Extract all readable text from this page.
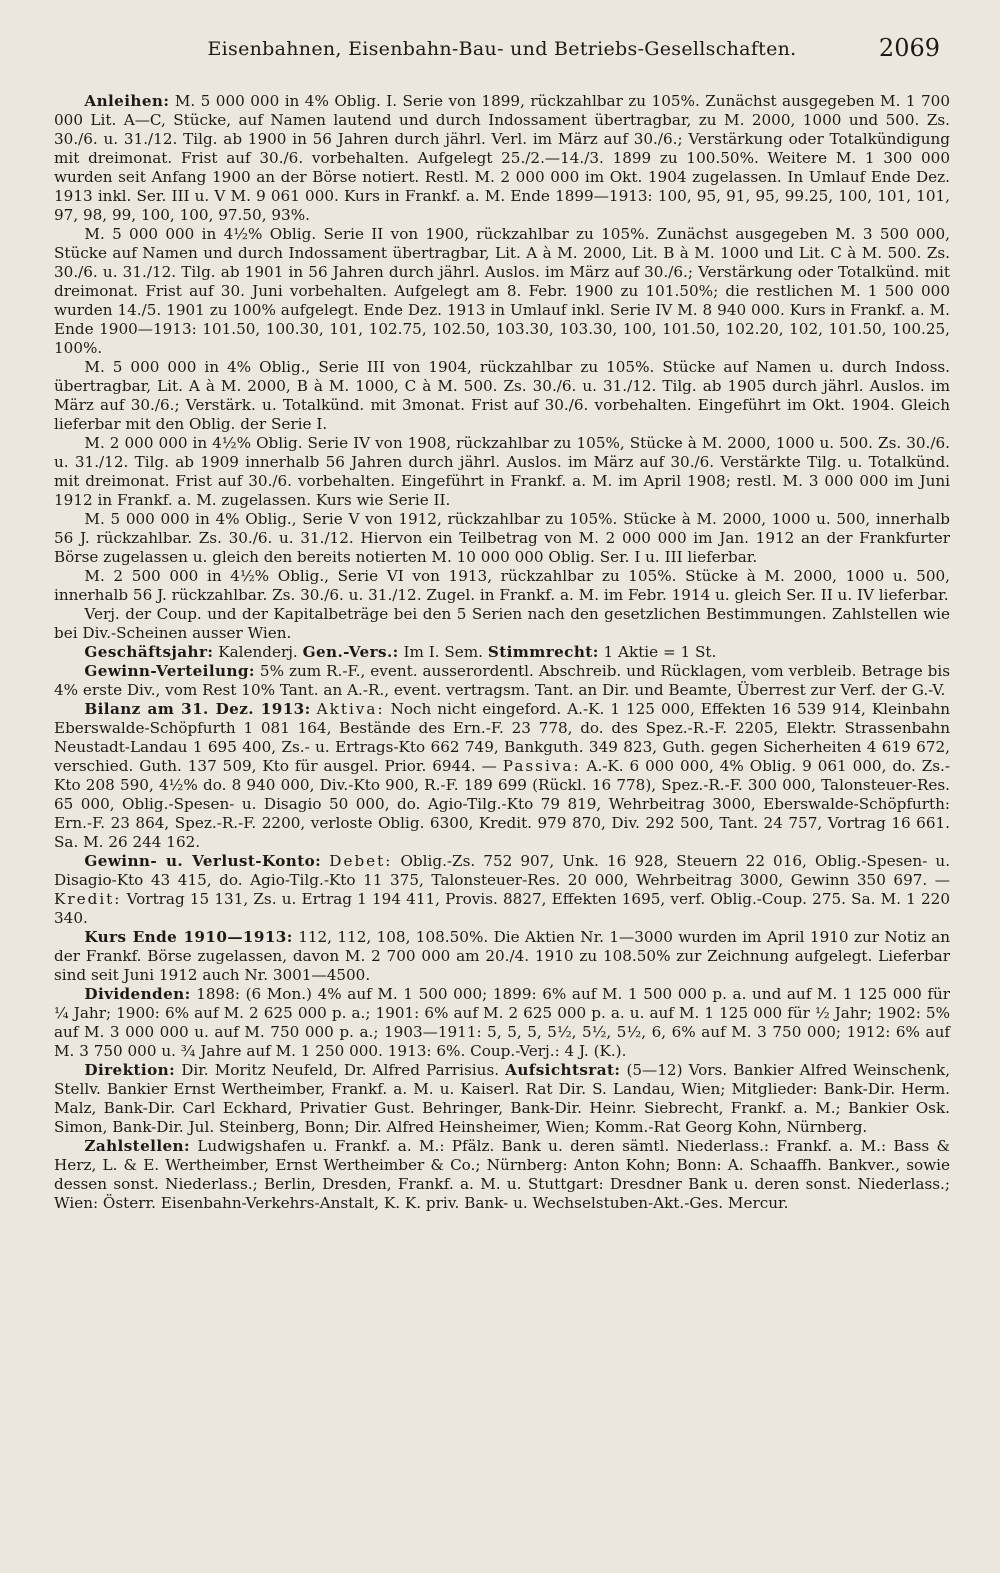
Eisenbahnen, Eisenbahn-Bau- und Betriebs-Gesellschaften.	2069

Anleihen: M. 5 000 000 in 4% Oblig. I. Serie von 1899, rückzahlbar zu 105%. Zunächst ausgegeben M. 1 700 000 Lit. A—C, Stücke, auf Namen lautend und durch Indossament übertragbar, zu M. 2000, 1000 und 500. Zs. 30./6. u. 31./12. Tilg. ab 1900 in 56 Jahren durch jährl. Verl. im März auf 30./6.; Verstärkung oder Totalkündigung mit dreimonat. Frist auf 30./6. vorbehalten. Aufgelegt 25./2.—14./3. 1899 zu 100.50%. Weitere M. 1 300 000 wurden seit Anfang 1900 an der Börse notiert. Restl. M. 2 000 000 im Okt. 1904 zugelassen. In Umlauf Ende Dez. 1913 inkl. Ser. III u. V M. 9 061 000. Kurs in Frankf. a. M. Ende 1899—1913: 100, 95, 91, 95, 99.25, 100, 101, 101, 97, 98, 99, 100, 100, 97.50, 93%.

M. 5 000 000 in 4½% Oblig. Serie II von 1900, rückzahlbar zu 105%. Zunächst ausgegeben M. 3 500 000, Stücke auf Namen und durch Indossament übertragbar, Lit. A à M. 2000, Lit. B à M. 1000 und Lit. C à M. 500. Zs. 30./6. u. 31./12. Tilg. ab 1901 in 56 Jahren durch jährl. Auslos. im März auf 30./6.; Verstärkung oder Totalkünd. mit dreimonat. Frist auf 30. Juni vorbehalten. Aufgelegt am 8. Febr. 1900 zu 101.50%; die restlichen M. 1 500 000 wurden 14./5. 1901 zu 100% aufgelegt. Ende Dez. 1913 in Umlauf inkl. Serie IV M. 8 940 000. Kurs in Frankf. a. M. Ende 1900—1913: 101.50, 100.30, 101, 102.75, 102.50, 103.30, 103.30, 100, 101.50, 102.20, 102, 101.50, 100.25, 100%.

M. 5 000 000 in 4% Oblig., Serie III von 1904, rückzahlbar zu 105%. Stücke auf Namen u. durch Indoss. übertragbar, Lit. A à M. 2000, B à M. 1000, C à M. 500. Zs. 30./6. u. 31./12. Tilg. ab 1905 durch jährl. Auslos. im März auf 30./6.; Verstärk. u. Totalkünd. mit 3monat. Frist auf 30./6. vorbehalten. Eingeführt im Okt. 1904. Gleich lieferbar mit den Oblig. der Serie I.

M. 2 000 000 in 4½% Oblig. Serie IV von 1908, rückzahlbar zu 105%, Stücke à M. 2000, 1000 u. 500. Zs. 30./6. u. 31./12. Tilg. ab 1909 innerhalb 56 Jahren durch jährl. Auslos. im März auf 30./6. Verstärkte Tilg. u. Totalkünd. mit dreimonat. Frist auf 30./6. vorbehalten. Eingeführt in Frankf. a. M. im April 1908; restl. M. 3 000 000 im Juni 1912 in Frankf. a. M. zugelassen. Kurs wie Serie II.

M. 5 000 000 in 4% Oblig., Serie V von 1912, rückzahlbar zu 105%. Stücke à M. 2000, 1000 u. 500, innerhalb 56 J. rückzahlbar. Zs. 30./6. u. 31./12. Hiervon ein Teilbetrag von M. 2 000 000 im Jan. 1912 an der Frankfurter Börse zugelassen u. gleich den bereits notierten M. 10 000 000 Oblig. Ser. I u. III lieferbar.

M. 2 500 000 in 4½% Oblig., Serie VI von 1913, rückzahlbar zu 105%. Stücke à M. 2000, 1000 u. 500, innerhalb 56 J. rückzahlbar. Zs. 30./6. u. 31./12. Zugel. in Frankf. a. M. im Febr. 1914 u. gleich Ser. II u. IV lieferbar.

Verj. der Coup. und der Kapitalbeträge bei den 5 Serien nach den gesetzlichen Bestimmungen. Zahlstellen wie bei Div.-Scheinen ausser Wien.

Geschäftsjahr: Kalenderj. Gen.-Vers.: Im I. Sem. Stimmrecht: 1 Aktie = 1 St.

Gewinn-Verteilung: 5% zum R.-F., event. ausserordentl. Abschreib. und Rücklagen, vom verbleib. Betrage bis 4% erste Div., vom Rest 10% Tant. an A.-R., event. vertragsm. Tant. an Dir. und Beamte, Überrest zur Verf. der G.-V.

Bilanz am 31. Dez. 1913: Aktiva: Noch nicht eingeford. A.-K. 1 125 000, Effekten 16 539 914, Kleinbahn Eberswalde-Schöpfurth 1 081 164, Bestände des Ern.-F. 23 778, do. des Spez.-R.-F. 2205, Elektr. Strassenbahn Neustadt-Landau 1 695 400, Zs.- u. Ertrags-Kto 662 749, Bankguth. 349 823, Guth. gegen Sicherheiten 4 619 672, verschied. Guth. 137 509, Kto für ausgel. Prior. 6944. — Passiva: A.-K. 6 000 000, 4% Oblig. 9 061 000, do. Zs.-Kto 208 590, 4½% do. 8 940 000, Div.-Kto 900, R.-F. 189 699 (Rückl. 16 778), Spez.-R.-F. 300 000, Talonsteuer-Res. 65 000, Oblig.-Spesen- u. Disagio 50 000, do. Agio-Tilg.-Kto 79 819, Wehrbeitrag 3000, Eberswalde-Schöpfurth: Ern.-F. 23 864, Spez.-R.-F. 2200, verloste Oblig. 6300, Kredit. 979 870, Div. 292 500, Tant. 24 757, Vortrag 16 661. Sa. M. 26 244 162.

Gewinn- u. Verlust-Konto: Debet: Oblig.-Zs. 752 907, Unk. 16 928, Steuern 22 016, Oblig.-Spesen- u. Disagio-Kto 43 415, do. Agio-Tilg.-Kto 11 375, Talonsteuer-Res. 20 000, Wehrbeitrag 3000, Gewinn 350 697. — Kredit: Vortrag 15 131, Zs. u. Ertrag 1 194 411, Provis. 8827, Effekten 1695, verf. Oblig.-Coup. 275. Sa. M. 1 220 340.

Kurs Ende 1910—1913: 112, 112, 108, 108.50%. Die Aktien Nr. 1—3000 wurden im April 1910 zur Notiz an der Frankf. Börse zugelassen, davon M. 2 700 000 am 20./4. 1910 zu 108.50% zur Zeichnung aufgelegt. Lieferbar sind seit Juni 1912 auch Nr. 3001—4500.

Dividenden: 1898: (6 Mon.) 4% auf M. 1 500 000; 1899: 6% auf M. 1 500 000 p. a. und auf M. 1 125 000 für ¼ Jahr; 1900: 6% auf M. 2 625 000 p. a.; 1901: 6% auf M. 2 625 000 p. a. u. auf M. 1 125 000 für ½ Jahr; 1902: 5% auf M. 3 000 000 u. auf M. 750 000 p. a.; 1903—1911: 5, 5, 5, 5½, 5½, 5½, 6, 6% auf M. 3 750 000; 1912: 6% auf M. 3 750 000 u. ¾ Jahre auf M. 1 250 000. 1913: 6%. Coup.-Verj.: 4 J. (K.).

Direktion: Dir. Moritz Neufeld, Dr. Alfred Parrisius. Aufsichtsrat: (5—12) Vors. Bankier Alfred Weinschenk, Stellv. Bankier Ernst Wertheimber, Frankf. a. M. u. Kaiserl. Rat Dir. S. Landau, Wien; Mitglieder: Bank-Dir. Herm. Malz, Bank-Dir. Carl Eckhard, Privatier Gust. Behringer, Bank-Dir. Heinr. Siebrecht, Frankf. a. M.; Bankier Osk. Simon, Bank-Dir. Jul. Steinberg, Bonn; Dir. Alfred Heinsheimer, Wien; Komm.-Rat Georg Kohn, Nürnberg.

Zahlstellen: Ludwigshafen u. Frankf. a. M.: Pfälz. Bank u. deren sämtl. Niederlass.: Frankf. a. M.: Bass & Herz, L. & E. Wertheimber, Ernst Wertheimber & Co.; Nürnberg: Anton Kohn; Bonn: A. Schaaffh. Bankver., sowie dessen sonst. Niederlass.; Berlin, Dresden, Frankf. a. M. u. Stuttgart: Dresdner Bank u. deren sonst. Niederlass.; Wien: Österr. Eisenbahn-Verkehrs-Anstalt, K. K. priv. Bank- u. Wechselstuben-Akt.-Ges. Mercur.
